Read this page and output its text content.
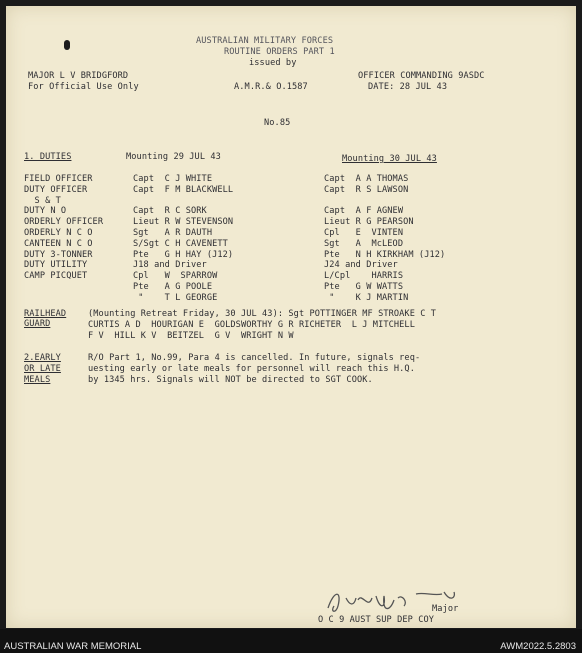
AUSTRALIAN MILITARY FORCES
ROUTINE ORDERS PART 1
issued by
MAJOR L V BRIDGFORD
For Official Use Only	A.M.R.& O.1587
OFFICER COMMANDING 9ASDC
DATE: 28 JUL 43
No.85
1. DUTIES	Mounting 29 JUL 43	Mounting 30 JUL 43
FIELD OFFICER	Capt  C J WHITE	Capt  A A THOMAS
DUTY OFFICER	Capt  F M BLACKWELL	Capt  R S LAWSON
S & T
DUTY N O	Capt  R C SORK	Capt  A F AGNEW
ORDERLY OFFICER	Lieut R W STEVENSON	Lieut R G PEARSON
ORDERLY N C O	Sgt   A R DAUTH	Cpl   E  VINTEN
CANTEEN N C O	S/Sgt C H CAVENETT	Sgt   A  McLEOD
DUTY 3-TONNER	Pte   G H HAY (J12)	Pte   N H KIRKHAM (J12)
DUTY UTILITY	J18 and Driver	J24 and Driver
CAMP PICQUET	Cpl   W  SPARROW	L/Cpl    HARRIS
Pte   A G POOLE	Pte   G W WATTS
"    T L GEORGE	"    K J MARTIN
RAILHEAD
GUARD
(Mounting Retreat Friday, 30 JUL 43): Sgt POTTINGER MF STROAKE C T
CURTIS A D  HOURIGAN E  GOLDSWORTHY G R RICHETER  L J MITCHELL
F V  HILL K V  BEITZEL  G V  WRIGHT N W
2.EARLY
OR LATE
MEALS
R/O Part 1, No.99, Para 4 is cancelled. In future, signals req-
uesting early or late meals for personnel will reach this H.Q.
by 1345 hrs. Signals will NOT be directed to SGT COOK.
Major
O C 9 AUST SUP DEP COY
AUSTRALIAN WAR MEMORIAL	AWM2022.5.2803
